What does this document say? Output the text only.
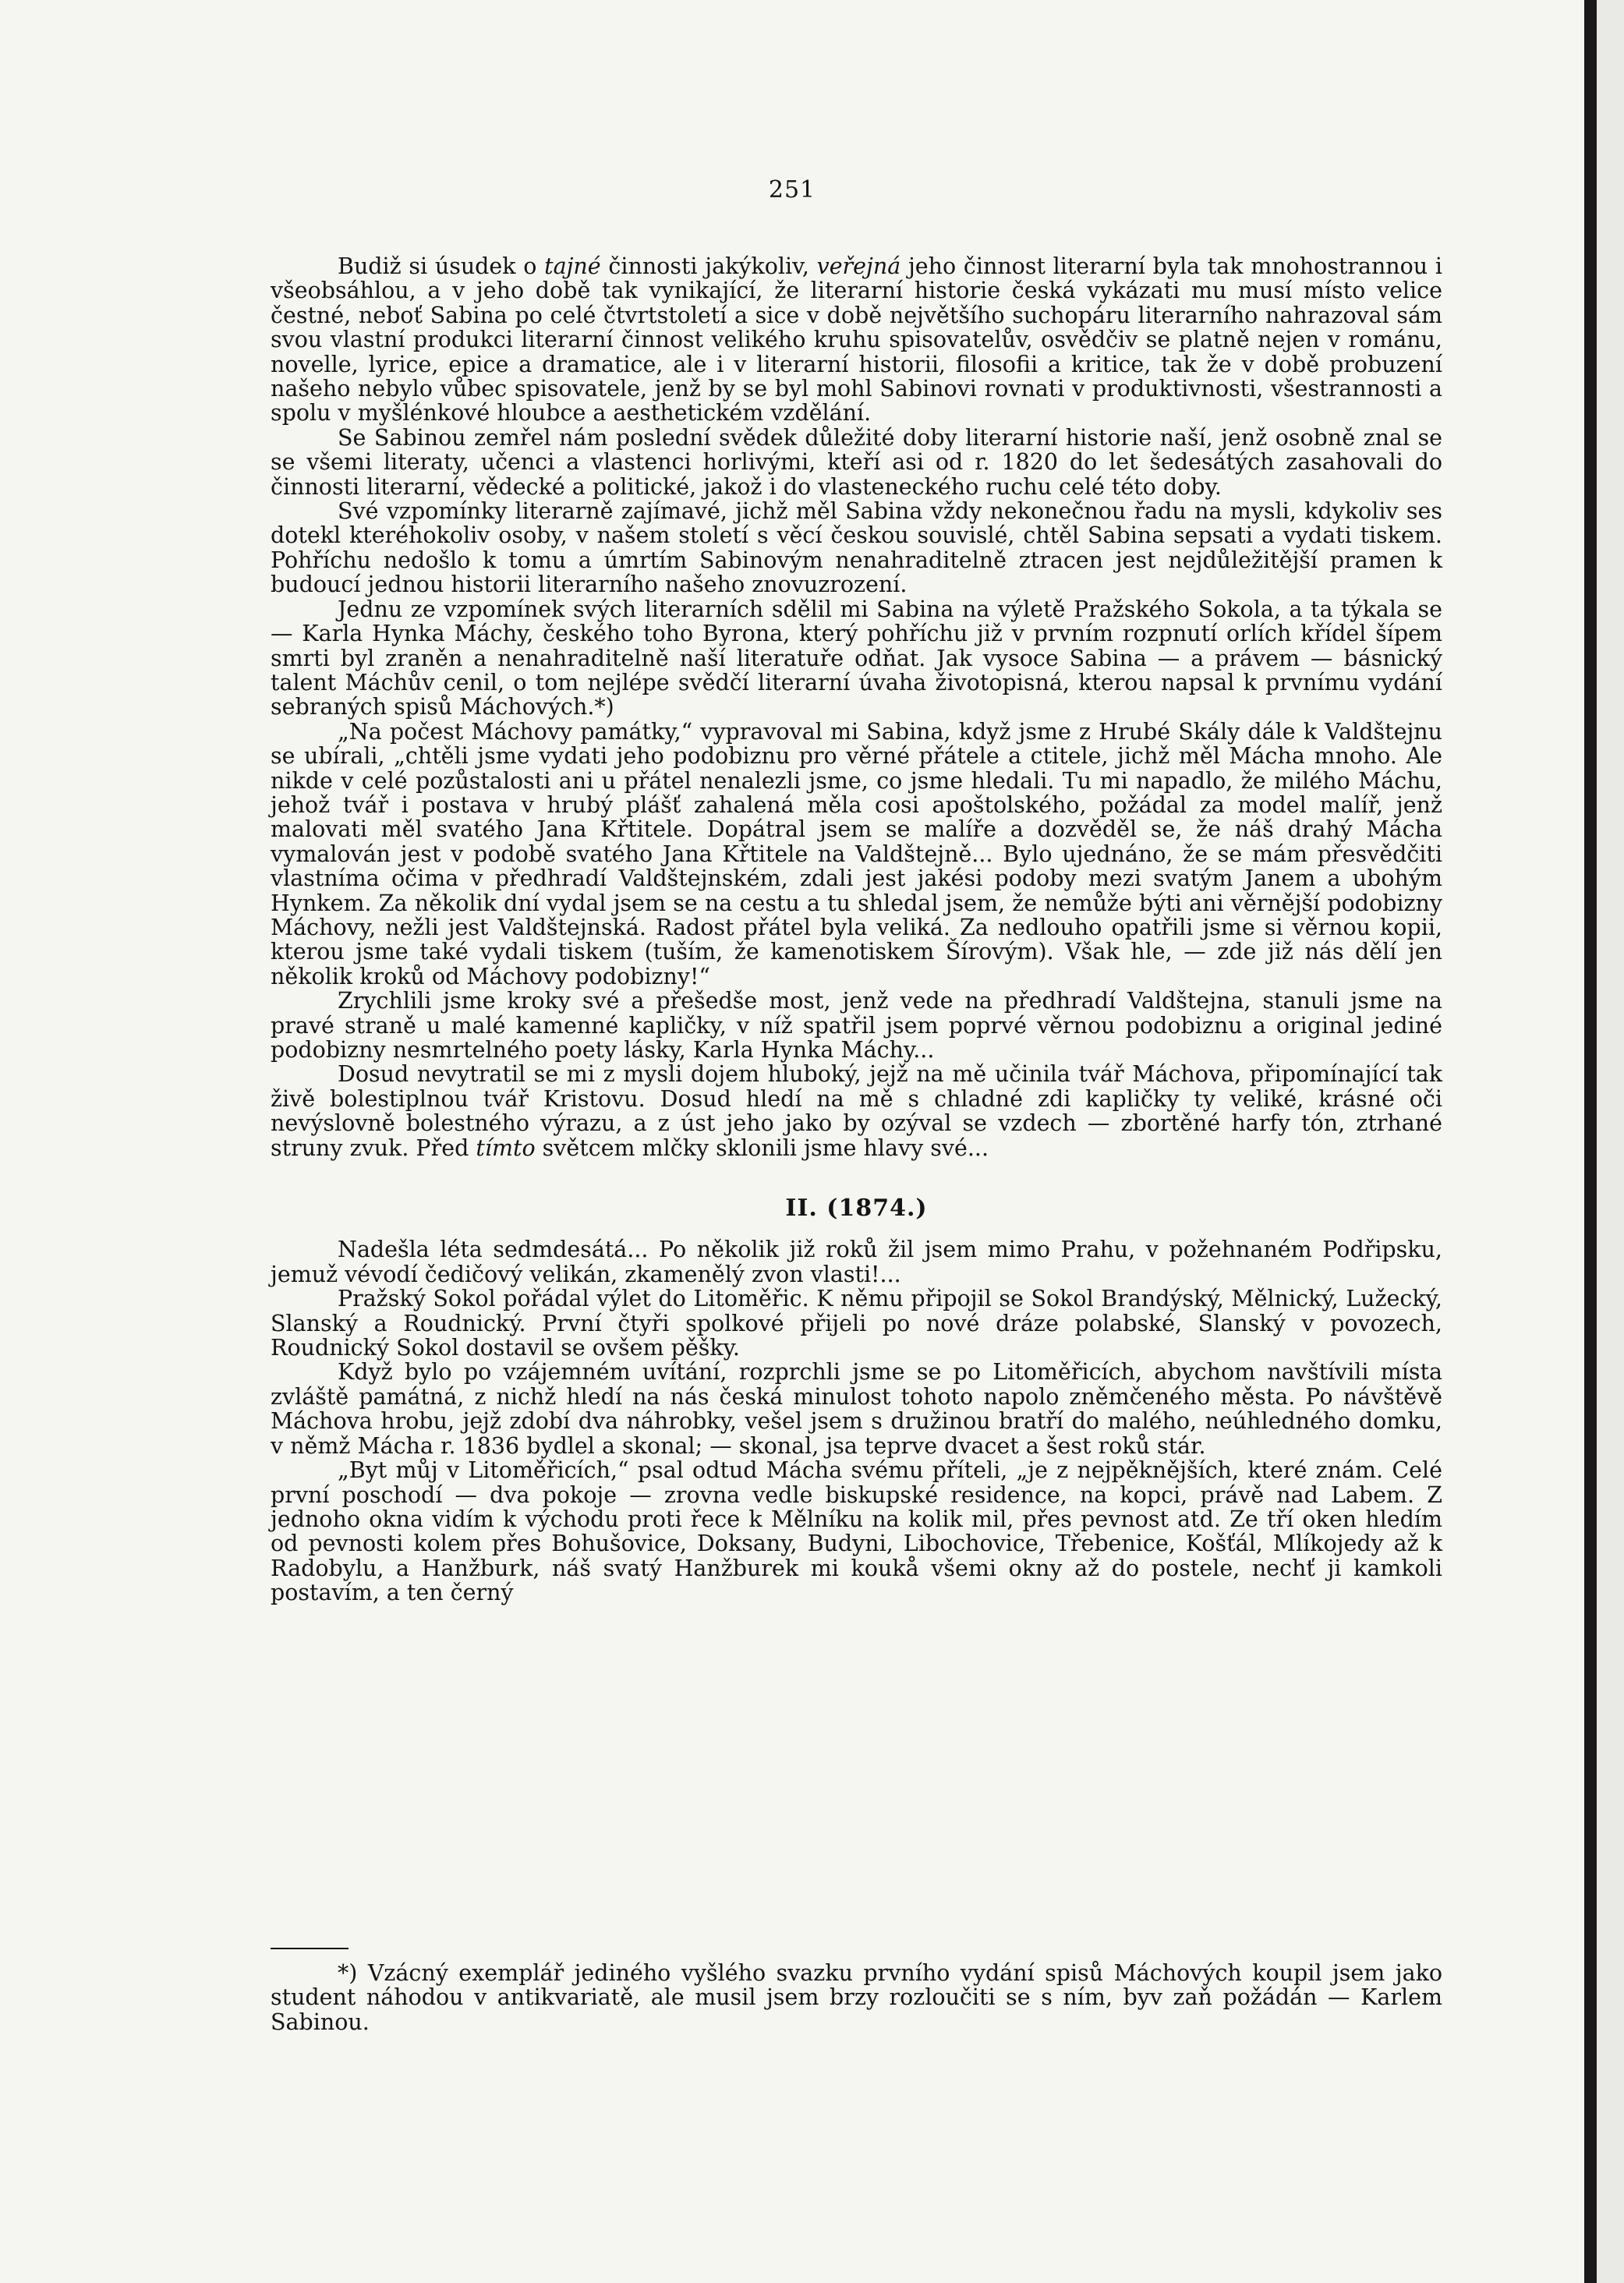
251

Budiž si úsudek o tajné činnosti jakýkoliv, veřejná jeho činnost literarní byla tak mnohostrannou i všeobsáhlou, a v jeho době tak vynikající, že literarní historie česká vykázati mu musí místo velice čestné, neboť Sabina po celé čtvrtstoletí a sice v době největšího suchopáru literarního nahrazoval sám svou vlastní produkci literarní činnost velikého kruhu spisovatelův, osvědčiv se platně nejen v románu, novelle, lyrice, epice a dramatice, ale i v literarní historii, filosofii a kritice, tak že v době probuzení našeho nebylo vůbec spisovatele, jenž by se byl mohl Sabinovi rovnati v produktivnosti, všestrannosti a spolu v myšlénkové hloubce a aesthetickém vzdělání.

Se Sabinou zemřel nám poslední svědek důležité doby literarní historie naší, jenž osobně znal se se všemi literaty, učenci a vlastenci horlivými, kteří asi od r. 1820 do let šedesátých zasahovali do činnosti literarní, vědecké a politické, jakož i do vlasteneckého ruchu celé této doby.

Své vzpomínky literarně zajímavé, jichž měl Sabina vždy nekonečnou řadu na mysli, kdykoliv ses dotekl kteréhokoliv osoby, v našem století s věcí českou souvislé, chtěl Sabina sepsati a vydati tiskem. Pohříchu nedošlo k tomu a úmrtím Sabinovým nenahraditelně ztracen jest nejdůležitější pramen k budoucí jednou historii literarního našeho znovuzrození.

Jednu ze vzpomínek svých literarních sdělil mi Sabina na výletě Pražského Sokola, a ta týkala se — Karla Hynka Máchy, českého toho Byrona, který pohříchu již v prvním rozpnutí orlích křídel šípem smrti byl zraněn a nenahraditelně naší literatuře odňat. Jak vysoce Sabina — a právem — básnický talent Máchův cenil, o tom nejlépe svědčí literarní úvaha životopisná, kterou napsal k prvnímu vydání sebraných spisů Máchových.*)

„Na počest Máchovy památky,“ vypravoval mi Sabina, když jsme z Hrubé Skály dále k Valdštejnu se ubírali, „chtěli jsme vydati jeho podobiznu pro věrné přátele a ctitele, jichž měl Mácha mnoho. Ale nikde v celé pozůstalosti ani u přátel nenalezli jsme, co jsme hledali. Tu mi napadlo, že milého Máchu, jehož tvář i postava v hrubý plášť zahalená měla cosi apoštolského, požádal za model malíř, jenž malovati měl svatého Jana Křtitele. Dopátral jsem se malíře a dozvěděl se, že náš drahý Mácha vymalován jest v podobě svatého Jana Křtitele na Valdštejně... Bylo ujednáno, že se mám přesvědčiti vlastníma očima v předhradí Valdštejnském, zdali jest jakési podoby mezi svatým Janem a ubohým Hynkem. Za několik dní vydal jsem se na cestu a tu shledal jsem, že nemůže býti ani věrnější podobizny Máchovy, nežli jest Valdštejnská. Radost přátel byla veliká. Za nedlouho opatřili jsme si věrnou kopii, kterou jsme také vydali tiskem (tuším, že kamenotiskem Šírovým). Však hle, — zde již nás dělí jen několik kroků od Máchovy podobizny!“

Zrychlili jsme kroky své a přešedše most, jenž vede na předhradí Valdštejna, stanuli jsme na pravé straně u malé kamenné kapličky, v níž spatřil jsem poprvé věrnou podobiznu a original jediné podobizny nesmrtelného poety lásky, Karla Hynka Máchy...

Dosud nevytratil se mi z mysli dojem hluboký, jejž na mě učinila tvář Máchova, připomínající tak živě bolestiplnou tvář Kristovu. Dosud hledí na mě s chladné zdi kapličky ty veliké, krásné oči nevýslovně bolestného výrazu, a z úst jeho jako by ozýval se vzdech — zbortěné harfy tón, ztrhané struny zvuk. Před tímto světcem mlčky sklonili jsme hlavy své...

II. (1874.)

Nadešla léta sedmdesátá... Po několik již roků žil jsem mimo Prahu, v požehnaném Podřipsku, jemuž vévodí čedičový velikán, zkamenělý zvon vlasti!...

Pražský Sokol pořádal výlet do Litoměřic. K němu připojil se Sokol Brandýský, Mělnický, Lužecký, Slanský a Roudnický. První čtyři spolkové přijeli po nové dráze polabské, Slanský v povozech, Roudnický Sokol dostavil se ovšem pěšky.

Když bylo po vzájemném uvítání, rozprchli jsme se po Litoměřicích, abychom navštívili místa zvláště památná, z nichž hledí na nás česká minulost tohoto napolo zněmčeného města. Po návštěvě Máchova hrobu, jejž zdobí dva náhrobky, vešel jsem s družinou bratří do malého, neúhledného domku, v němž Mácha r. 1836 bydlel a skonal; — skonal, jsa teprve dvacet a šest roků stár.

„Byt můj v Litoměřicích,“ psal odtud Mácha svému příteli, „je z nejpěknějších, které znám. Celé první poschodí — dva pokoje — zrovna vedle biskupské residence, na kopci, právě nad Labem. Z jednoho okna vidím k východu proti řece k Mělníku na kolik mil, přes pevnost atd. Ze tří oken hledím od pevnosti kolem přes Bohušovice, Doksany, Budyni, Libochovice, Třebenice, Košťál, Mlíkojedy až k Radobylu, a Hanžburk, náš svatý Hanžburek mi koukå všemi okny až do postele, nechť ji kamkoli postavím, a ten černý

*) Vzácný exemplář jediného vyšlého svazku prvního vydání spisů Máchových koupil jsem jako student náhodou v antikvariatě, ale musil jsem brzy rozloučiti se s ním, byv zaň požádán — Karlem Sabinou.
